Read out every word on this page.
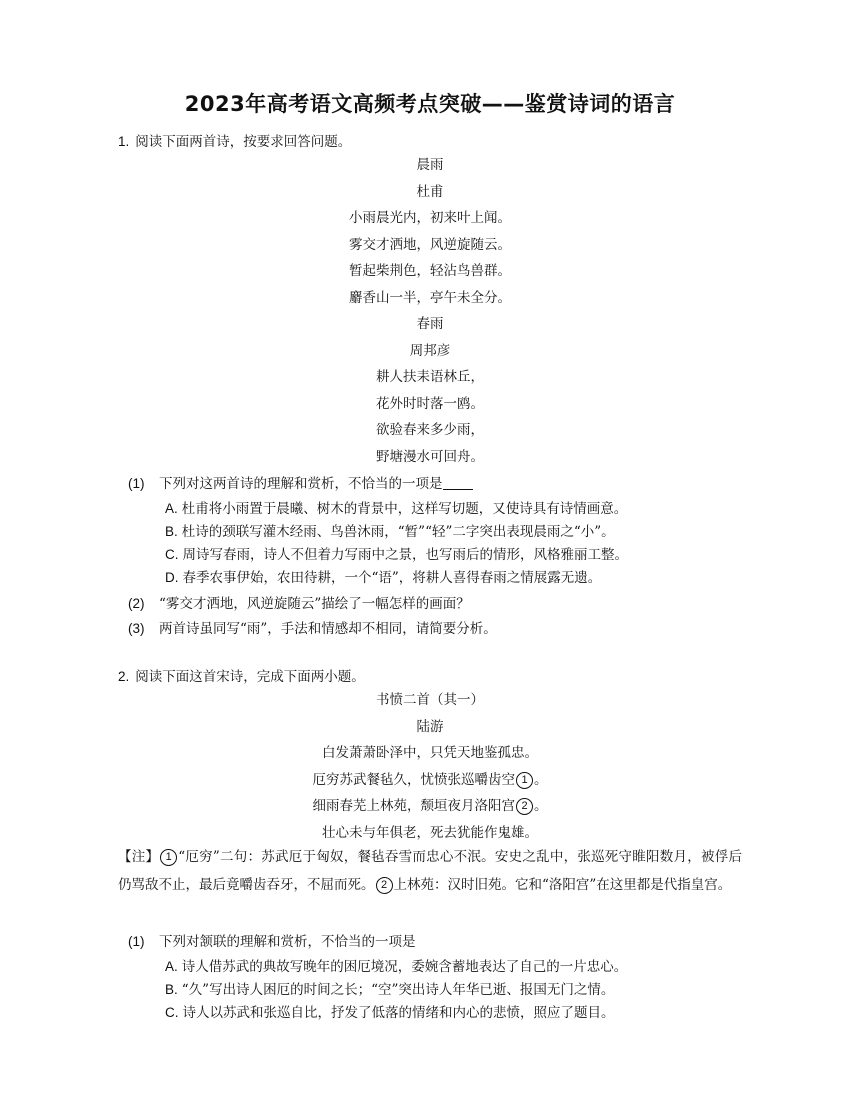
2023年高考语文高频考点突破——鉴赏诗词的语言
1. 阅读下面两首诗，按要求回答问题。
晨雨
杜甫
小雨晨光内，初来叶上闻。
雾交才洒地，风逆旋随云。
暂起柴荆色，轻沾鸟兽群。
麝香山一半，亭午未全分。
春雨
周邦彦
耕人扶耒语林丘，
花外时时落一鸥。
欲验春来多少雨，
野塘漫水可回舟。
(1) 下列对这两首诗的理解和赏析，不恰当的一项是
A. 杜甫将小雨置于晨曦、树木的背景中，这样写切题，又使诗具有诗情画意。
B. 杜诗的颈联写灌木经雨、鸟兽沐雨，“暂”“轻”二字突出表现晨雨之“小”。
C. 周诗写春雨，诗人不但着力写雨中之景，也写雨后的情形，风格雅丽工整。
D. 春季农事伊始，农田待耕，一个“语”，将耕人喜得春雨之情展露无遗。
(2) “雾交才洒地，风逆旋随云”描绘了一幅怎样的画面？
(3) 两首诗虽同写“雨”，手法和情感却不相同，请简要分析。
2. 阅读下面这首宋诗，完成下面两小题。
书愤二首（其一）
陆游
白发萧萧卧泽中，只凭天地鉴孤忠。
厄穷苏武餐毡久，忧愤张巡嚼齿空 1 。
细雨春芜上林苑，颓垣夜月洛阳宫 2 。
壮心未与年俱老，死去犹能作鬼雄。
【注】 1 “厄穷”二句：苏武厄于匈奴，餐毡吞雪而忠心不泯。安史之乱中，张巡死守睢阳数月，被俘后仍骂敌不止，最后竟嚼齿吞牙，不屈而死。 2 上林苑：汉时旧苑。它和“洛阳宫”在这里都是代指皇宫。
(1) 下列对颔联的理解和赏析，不恰当的一项是
A. 诗人借苏武的典故写晚年的困厄境况，委婉含蓄地表达了自己的一片忠心。
B. “久”写出诗人困厄的时间之长；“空”突出诗人年华已逝、报国无门之情。
C. 诗人以苏武和张巡自比，抒发了低落的情绪和内心的悲愤，照应了题目。
